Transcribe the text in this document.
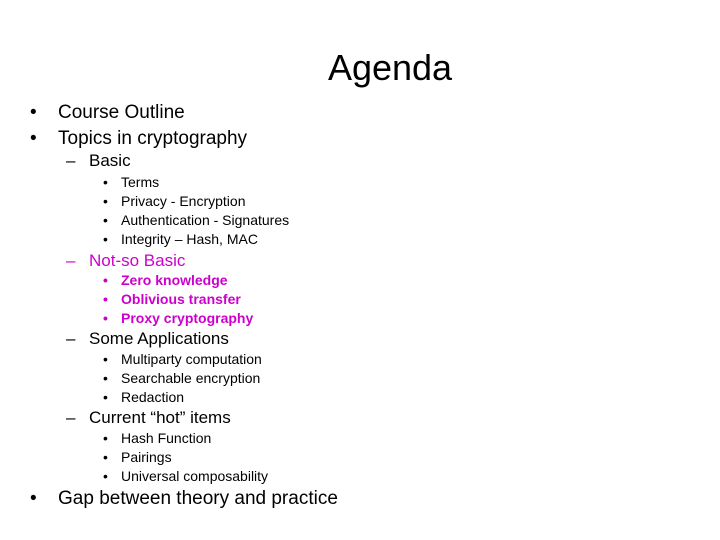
Agenda
• Course Outline
• Topics in cryptography
– Basic
• Terms
• Privacy - Encryption
• Authentication - Signatures
• Integrity – Hash, MAC
– Not-so Basic
• Zero knowledge
• Oblivious transfer
• Proxy cryptography
– Some Applications
• Multiparty computation
• Searchable encryption
• Redaction
– Current “hot” items
• Hash Function
• Pairings
• Universal composability
• Gap between theory and practice
